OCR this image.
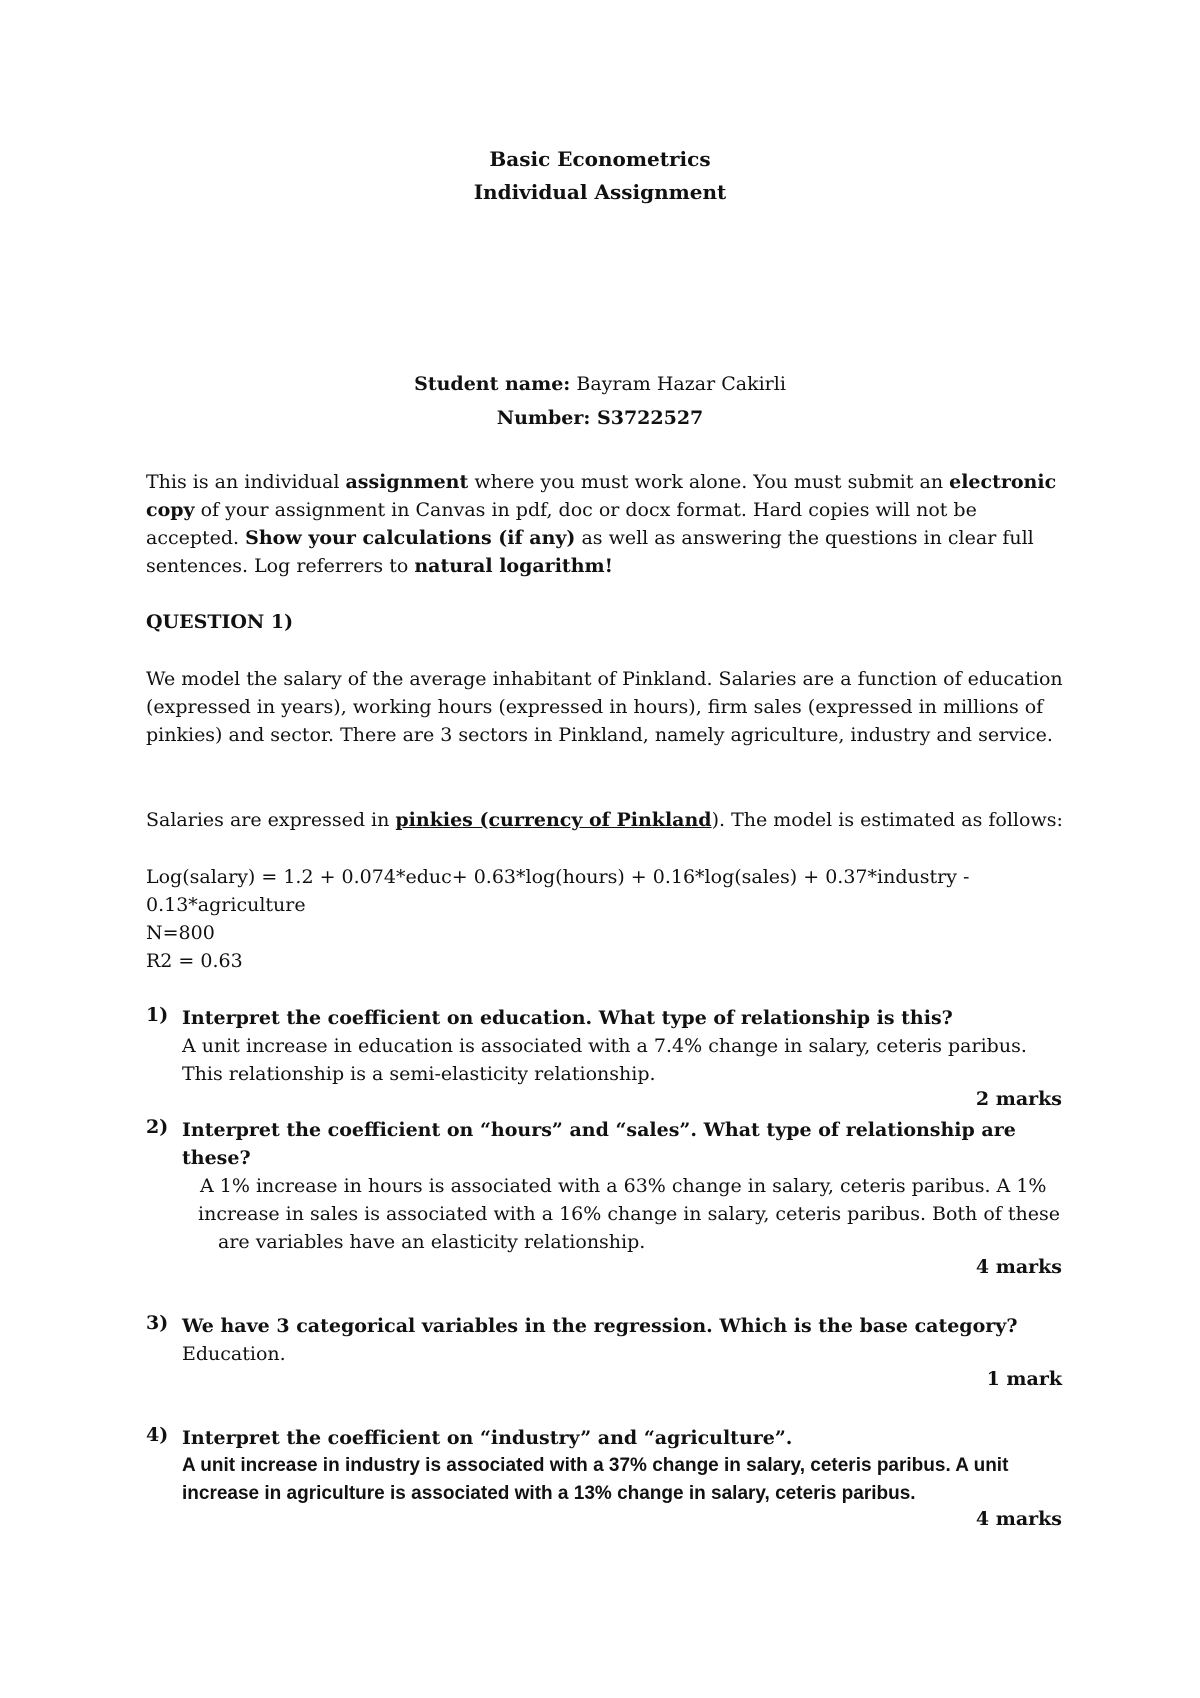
Basic Econometrics
Individual Assignment
Student name: Bayram Hazar Cakirli
Number: S3722527
This is an individual assignment where you must work alone. You must submit an electronic copy of your assignment in Canvas in pdf, doc or docx format. Hard copies will not be accepted. Show your calculations (if any) as well as answering the questions in clear full sentences. Log referrers to natural logarithm!
QUESTION 1)
We model the salary of the average inhabitant of Pinkland. Salaries are a function of education (expressed in years), working hours (expressed in hours), firm sales (expressed in millions of pinkies) and sector. There are 3 sectors in Pinkland, namely agriculture, industry and service.
Salaries are expressed in pinkies (currency of Pinkland). The model is estimated as follows:

Log(salary) = 1.2 + 0.074*educ+ 0.63*log(hours) + 0.16*log(sales) + 0.37*industry -

0.13*agriculture

N=800

R2 = 0.63

1) Interpret the coefficient on education. What type of relationship is this?
A unit increase in education is associated with a 7.4% change in salary, ceteris paribus.
This relationship is a semi-elasticity relationship.
2 marks
2) Interpret the coefficient on “hours” and “sales”. What type of relationship are
these?
A 1% increase in hours is associated with a 63% change in salary, ceteris paribus. A 1%
increase in sales is associated with a 16% change in salary, ceteris paribus. Both of these
are variables have an elasticity relationship.
4 marks
3) We have 3 categorical variables in the regression. Which is the base category?
Education.
1 mark
4) Interpret the coefficient on “industry” and “agriculture”.
A unit increase in industry is associated with a 37% change in salary, ceteris paribus. A unit
increase in agriculture is associated with a 13% change in salary, ceteris paribus.
4 marks
